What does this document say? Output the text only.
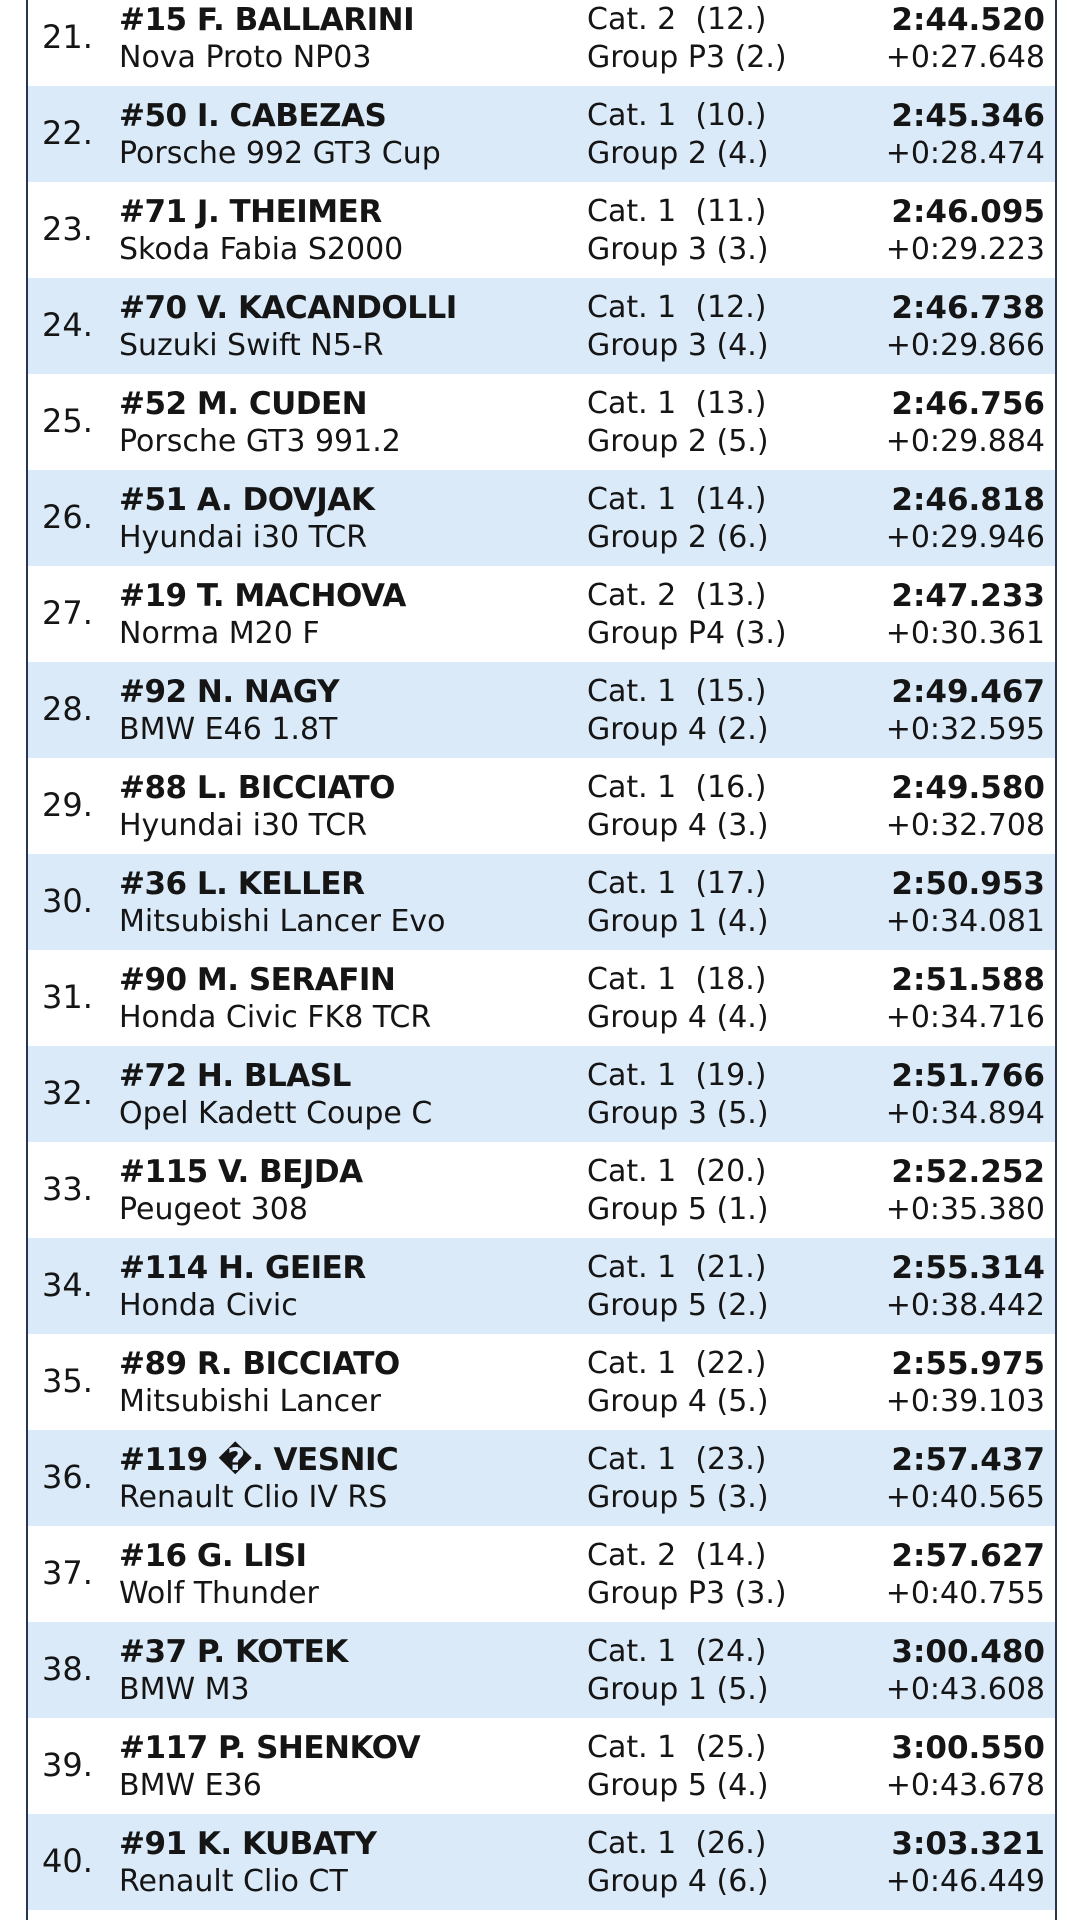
21. #15 F. BALLARINI
Nova Proto NP03
Cat. 2  (12.)
Group P3 (2.)
2:44.520
+0:27.648
22. #50 I. CABEZAS
Porsche 992 GT3 Cup
Cat. 1  (10.)
Group 2 (4.)
2:45.346
+0:28.474
23. #71 J. THEIMER
Skoda Fabia S2000
Cat. 1  (11.)
Group 3 (3.)
2:46.095
+0:29.223
24. #70 V. KACANDOLLI
Suzuki Swift N5-R
Cat. 1  (12.)
Group 3 (4.)
2:46.738
+0:29.866
25. #52 M. CUDEN
Porsche GT3 991.2
Cat. 1  (13.)
Group 2 (5.)
2:46.756
+0:29.884
26. #51 A. DOVJAK
Hyundai i30 TCR
Cat. 1  (14.)
Group 2 (6.)
2:46.818
+0:29.946
27. #19 T. MACHOVA
Norma M20 F
Cat. 2  (13.)
Group P4 (3.)
2:47.233
+0:30.361
28. #92 N. NAGY
BMW E46 1.8T
Cat. 1  (15.)
Group 4 (2.)
2:49.467
+0:32.595
29. #88 L. BICCIATO
Hyundai i30 TCR
Cat. 1  (16.)
Group 4 (3.)
2:49.580
+0:32.708
30. #36 L. KELLER
Mitsubishi Lancer Evo
Cat. 1  (17.)
Group 1 (4.)
2:50.953
+0:34.081
31. #90 M. SERAFIN
Honda Civic FK8 TCR
Cat. 1  (18.)
Group 4 (4.)
2:51.588
+0:34.716
32. #72 H. BLASL
Opel Kadett Coupe C
Cat. 1  (19.)
Group 3 (5.)
2:51.766
+0:34.894
33. #115 V. BEJDA
Peugeot 308
Cat. 1  (20.)
Group 5 (1.)
2:52.252
+0:35.380
34. #114 H. GEIER
Honda Civic
Cat. 1  (21.)
Group 5 (2.)
2:55.314
+0:38.442
35. #89 R. BICCIATO
Mitsubishi Lancer
Cat. 1  (22.)
Group 4 (5.)
2:55.975
+0:39.103
36. #119 �. VESNIC
Renault Clio IV RS
Cat. 1  (23.)
Group 5 (3.)
2:57.437
+0:40.565
37. #16 G. LISI
Wolf Thunder
Cat. 2  (14.)
Group P3 (3.)
2:57.627
+0:40.755
38. #37 P. KOTEK
BMW M3
Cat. 1  (24.)
Group 1 (5.)
3:00.480
+0:43.608
39. #117 P. SHENKOV
BMW E36
Cat. 1  (25.)
Group 5 (4.)
3:00.550
+0:43.678
40. #91 K. KUBATY
Renault Clio CT
Cat. 1  (26.)
Group 4 (6.)
3:03.321
+0:46.449
